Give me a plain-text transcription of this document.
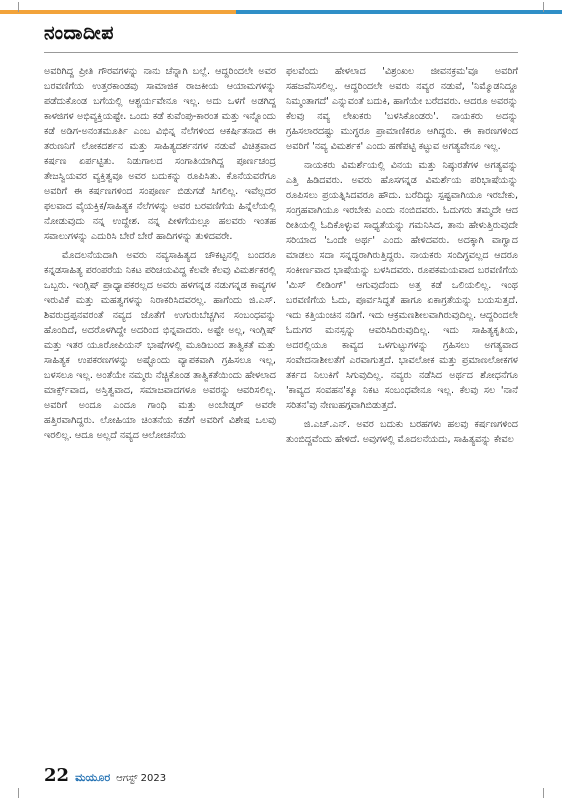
ನಂದಾದೀಪ

ಅವರಿಗಿದ್ದ ಪ್ರೀತಿ ಗೌರವಗಳನ್ನು ನಾನು ಚೆನ್ನಾಗಿ ಬಲ್ಲೆ. ಆದ್ದರಿಂದಲೇ ಅವರ ಬರವಣಿಗೆಯ ಉತ್ತರಕಾಂಡವು ಸಾಮಾಜಿಕ ರಾಜಕೀಯ ಆಯಾಮಗಳನ್ನು ಪಡೆದುಕೊಂಡ ಬಗೆಯಲ್ಲಿ ಆಶ್ಚರ್ಯವೇನೂ ಇಲ್ಲ. ಅದು ಒಳಗೆ ಅಡಗಿದ್ದ ಕಾಳಜಿಗಳ ಅಭಿವ್ಯಕ್ತಿಯಷ್ಟೇ. ಒಂದು ಕಡೆ ಕುವೆಂಪು-ಕಾರಂತ ಮತ್ತು ಇನ್ನೊಂದು ಕಡೆ ಅಡಿಗ-ಅನಂತಮೂರ್ತಿ ಎಂಬ ವಿಭಿನ್ನ ನೆಲೆಗಳಿಂದ ಆಕರ್ಷಿತನಾದ ಈ ತರುಣನಿಗೆ ಲೋಕದರ್ಶನ ಮತ್ತು ಸಾಹಿತ್ಯದರ್ಶನಗಳ ನಡುವೆ ವಿಚಿತ್ರವಾದ ಕರ್ಷಣ ಏರ್ಪಟ್ಟಿತು. ನಿಡುಗಾಲದ ಸಂಗಾತಿಯಾಗಿದ್ದ ಪೂರ್ಣಚಂದ್ರ ತೇಜಸ್ವಿಯವರ ವ್ಯಕ್ತಿತ್ವವೂ ಅವರ ಬದುಕನ್ನು ರೂಪಿಸಿತು. ಕೊನೆಯವರೆಗೂ ಅವರಿಗೆ ಈ ಕರ್ಷಣಗಳಿಂದ ಸಂಪೂರ್ಣ ಬಿಡುಗಡೆ ಸಿಗಲಿಲ್ಲ. ಇವೆಲ್ಲದರ ಫಲವಾದ ವೈಯಕ್ತಿಕ/ಸಾಹಿತ್ಯಕ ನೆಲೆಗಳನ್ನು ಅವರ ಬರವಣಿಗೆಯ ಹಿನ್ನೆಲೆಯಲ್ಲಿ ನೋಡುವುದು ನನ್ನ ಉದ್ದೇಶ. ನನ್ನ ಪೀಳಿಗೆಯಲ್ಲೂ ಹಲವರು ಇಂತಹ ಸವಾಲುಗಳನ್ನು ಎದುರಿಸಿ ಬೇರೆ ಬೇರೆ ಹಾದಿಗಳನ್ನು ತುಳಿದವರೇ.

ಮೊದಲನೆಯದಾಗಿ ಅವರು ನವ್ಯಸಾಹಿತ್ಯದ ಚೌಕಟ್ಟನಲ್ಲಿ ಬಂದರೂ ಕನ್ನಡಸಾಹಿತ್ಯ ಪರಂಪರೆಯ ನಿಕಟ ಪರಿಚಯವಿದ್ದ ಕೆಲವೇ ಕೆಲವು ವಿಮರ್ಶಕರಲ್ಲಿ ಒಬ್ಬರು. ಇಂಗ್ಲಿಷ್ ಪ್ರಾಧ್ಯಾಪಕರಲ್ಲದ ಅವರು ಹಳಗನ್ನಡ ನಡುಗನ್ನಡ ಕಾವ್ಯಗಳ ಇರುವಿಕೆ ಮತ್ತು ಮಹತ್ವಗಳನ್ನು ನಿರಾಕರಿಸಿದವರಲ್ಲ. ಹಾಗೆಂದು ಜಿ.ಎಸ್. ಶಿವರುದ್ರಪ್ಪನವರಂತೆ ನವ್ಯದ ಜೊತೆಗೆ ಉಗುರುಬೆಚ್ಚಗಿನ ಸಂಬಂಧವನ್ನು ಹೊಂದಿದೆ, ಅದರೊಳಗಿದ್ದೇ ಅದರಿಂದ ಭಿನ್ನವಾದರು. ಅಷ್ಟೇ ಅಲ್ಲ, ಇಂಗ್ಲಿಷ್ ಮತ್ತು ಇತರ ಯೂರೋಪಿಯನ್ ಭಾಷೆಗಳಲ್ಲಿ ಮೂಡಿಬಂದ ತಾತ್ವಿಕತೆ ಮತ್ತು ಸಾಹಿತ್ಯಕ ಉಪಕರಣಗಳನ್ನು ಅಷ್ಟೊಂದು ವ್ಯಾಪಕವಾಗಿ ಗ್ರಹಿಸಲೂ ಇಲ್ಲ, ಬಳಸಲೂ ಇಲ್ಲ. ಅಂತೆಯೇ ನಮ್ಮರು ನೆಚ್ಚಿಕೊಂಡ ತಾತ್ವಿಕತೆಯಿಂದು ಹೇಳಲಾದ ಮಾರ್ಕ್ಸ್‌ವಾದ, ಅಸ್ತಿತ್ವವಾದ, ಸಮಾಜವಾದಗಳೂ ಅವರನ್ನು ಆವರಿಸಲಿಲ್ಲ. ಅವರಿಗೆ ಅಂದೂ ಎಂದೂ ಗಾಂಧಿ ಮತ್ತು ಅಂಬೇಡ್ಕರ್ ಅವರೇ ಹತ್ತಿರವಾಗಿದ್ದರು. ಲೋಹಿಯಾ ಚಿಂತನೆಯ ಕಡೆಗೆ ಅವರಿಗೆ ವಿಶೇಷ ಒಲವು ಇರಲಿಲ್ಲ. ಆದೂ ಅಲ್ಲದೆ ನವ್ಯದ ಆಲೋಚನೆಯ

ಫಲವೆಂದು ಹೇಳಲಾದ 'ವಿಶ್ರಂಖಲ ಜೀವನಕ್ರಮ'ವೂ ಅವರಿಗೆ ಸಹಜವೆನಿಸಲಿಲ್ಲ. ಆದ್ದರಿಂದಲೇ ಅವರು ನವ್ಯರ ನಡುವೆ, 'ನಿಮ್ಮೊಡನಿದ್ದೂ ನಿಮ್ಮಂತಾಗದೆ' ಎನ್ನುವಂತೆ ಬದುಕಿ, ಹಾಗೆಯೇ ಬರೆದವರು. ಆದರೂ ಅವರನ್ನು ಕೆಲವು ನವ್ಯ ಲೇಖಕರು 'ಬಳಸಿಕೊಂಡರು'. ನಾಯಕರು ಅದನ್ನು ಗ್ರಹಿಸಲಾರದಷ್ಟು ಮುಗ್ಧರೂ ಪ್ರಾಮಾಣಿಕರೂ ಆಗಿದ್ದರು. ಈ ಕಾರಣಗಳಿಂದ ಅವರಿಗೆ 'ನವ್ಯ ವಿಮರ್ಶಕ' ಎಂದು ಹಣೆಪಟ್ಟಿ ಕಟ್ಟುವ ಅಗತ್ಯವೇನೂ ಇಲ್ಲ.

ನಾಯಕರು ವಿಮರ್ಶೆಯಲ್ಲಿ ವಿನಯ ಮತ್ತು ನಿಷ್ಠುರತೆಗಳ ಅಗತ್ಯವನ್ನು ಎತ್ತಿ ಹಿಡಿದವರು. ಅವರು ಹೊಸಗನ್ನಡ ವಿಮರ್ಶೆಯ ಪರಿಭಾಷೆಯನ್ನು ರೂಪಿಸಲು ಪ್ರಯತ್ನಿಸಿದವರೂ ಹೌದು. ಬರೆದಿದ್ದು ಸ್ಪಷ್ಟವಾಗಿಯೂ ಇರಬೇಕು, ಸಂಗ್ರಹವಾಗಿಯೂ ಇರಬೇಕು ಎಂದು ನಂಬಿದವರು. ಓದುಗರು ತಮ್ಮದೇ ಆದ ರೀತಿಯಲ್ಲಿ ಓದಿಕೊಳ್ಳುವ ಸಾಧ್ಯತೆಯನ್ನು ಗಮನಿಸಿದ, ತಾನು ಹೇಳುತ್ತಿರುವುದೇ ಸರಿಯಾದ 'ಒಂದೇ ಅರ್ಥ' ಎಂದು ಹೇಳಿದವರು. ಅದಕ್ಕಾಗಿ ವಾಗ್ವಾದ ಮಾಡಲು ಸದಾ ಸನ್ನದ್ಧರಾಗಿರುತ್ತಿದ್ದರು. ನಾಯಕರು ಸಂದಿಗ್ಧವಲ್ಲದ ಆದರೂ ಸಂಕೀರ್ಣವಾದ ಭಾಷೆಯನ್ನು ಬಳಸಿದವರು. ರೂಪಕಮಯವಾದ ಬರವಣಿಗೆಯ 'ಮಿಸ್ ಲೀಡಿಂಗ್' ಆಗುವುದೆಂದು ಅತ್ತ ಕಡೆ ಒಲಿಯಲಿಲ್ಲ. ಇಂಥ ಬರವಣಿಗೆಯ ಓದು, ಪೂರ್ವಸಿದ್ಧತೆ ಹಾಗೂ ಏಕಾಗ್ರತೆಯನ್ನು ಬಯಸುತ್ತದೆ. ಇದು ಕತ್ತಿಯಂಚಿನ ನಡಿಗೆ. ಇದು ಆಕ್ರಮಣಶೀಲವಾಗಿರುವುದಿಲ್ಲ. ಆದ್ದರಿಂದಲೇ ಓದುಗರ ಮನಸ್ಸನ್ನು ಆವರಿಸಿದಿರುವುದಿಲ್ಲ. ಇದು ಸಾಹಿತ್ಯಕೃತಿಯ, ಅದರಲ್ಲಿಯೂ ಕಾವ್ಯದ ಒಳಗುಟ್ಟುಗಳನ್ನು ಗ್ರಹಿಸಲು ಅಗತ್ಯವಾದ ಸಂವೇದನಾಶೀಲತೆಗೆ ಎರವಾಗುತ್ತದೆ. ಭಾವಲೋಕ ಮತ್ತು ಪ್ರಮಾಣಲೋಕಗಳ ತರ್ಕದ ನಿಲುಕಿಗೆ ಸಿಗುವುದಿಲ್ಲ. ನವ್ಯರು ನಡೆಸಿದ ಅರ್ಥದ ಶೋಧನೆಗೂ 'ಕಾವ್ಯದ ಸಂವಹನ'ಕ್ಕೂ ನಿಕಟ ಸಂಬಂಧವೇನೂ ಇಲ್ಲ. ಕೆಲವು ಸಲ 'ನಾನೆ ಸರಿತನ'ವು ನೇಣುಹಗ್ಗವಾಗಿಬಿಡುತ್ತದೆ.

ಜಿ.ಎಚ್.ಎನ್. ಅವರ ಬದುಕು ಬರಹಗಳು ಹಲವು ಕರ್ಷಣಗಳಿಂದ ತುಂಬಿದ್ದವೆಂದು ಹೇಳಿದೆ. ಅವುಗಳಲ್ಲಿ ಮೊದಲನೆಯದು, ಸಾಹಿತ್ಯವನ್ನು ಕೇವಲ

22 ಮಯೂರ ಆಗಸ್ಟ್ 2023
